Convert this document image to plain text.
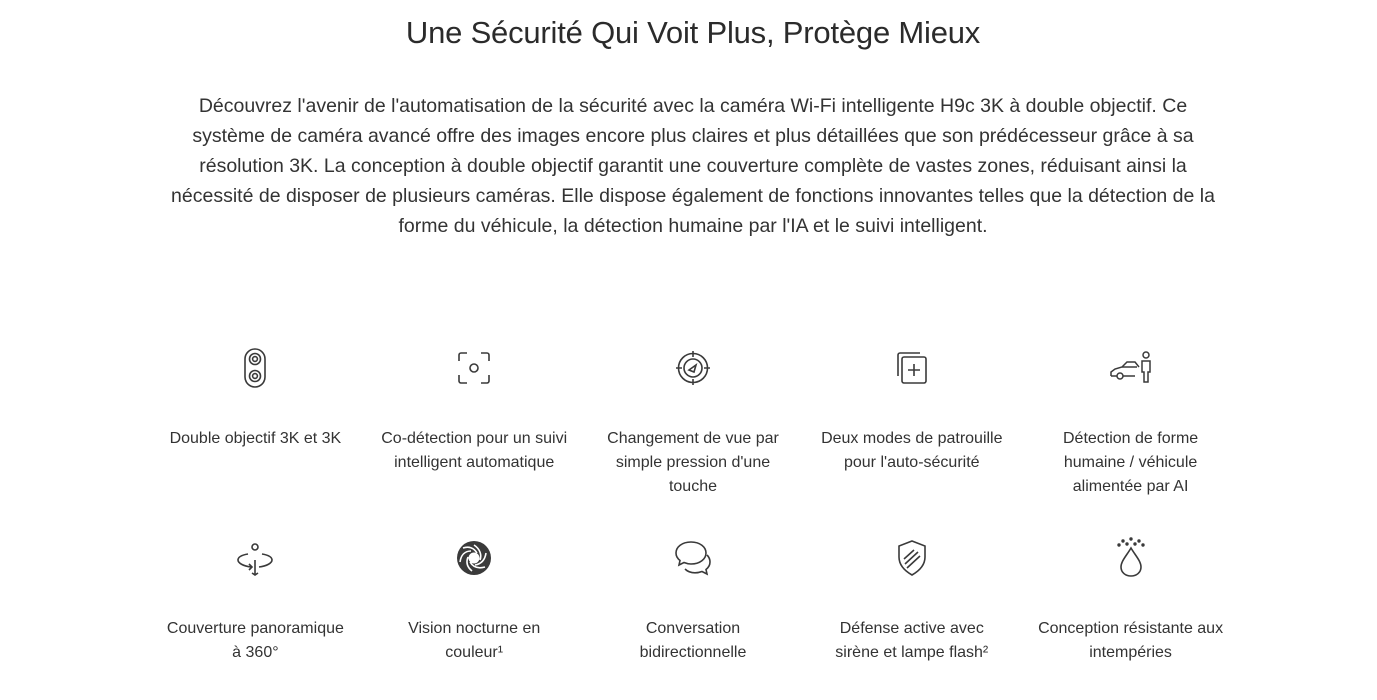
Une Sécurité Qui Voit Plus, Protège Mieux

Découvrez l'avenir de l'automatisation de la sécurité avec la caméra Wi-Fi intelligente H9c 3K à double objectif. Ce système de caméra avancé offre des images encore plus claires et plus détaillées que son prédécesseur grâce à sa résolution 3K. La conception à double objectif garantit une couverture complète de vastes zones, réduisant ainsi la nécessité de disposer de plusieurs caméras. Elle dispose également de fonctions innovantes telles que la détection de la forme du véhicule, la détection humaine par l'IA et le suivi intelligent.

Double objectif 3K et 3K	Co-détection pour un suivi intelligent automatique
Changement de vue par simple pression d'une touche
Deux modes de patrouille pour l'auto-sécurité
Détection de forme humaine / véhicule alimentée par AI
Couverture panoramique à 360°
Vision nocturne en couleur¹
Conversation bidirectionnelle
Défense active avec sirène et lampe flash²
Conception résistante aux intempéries
